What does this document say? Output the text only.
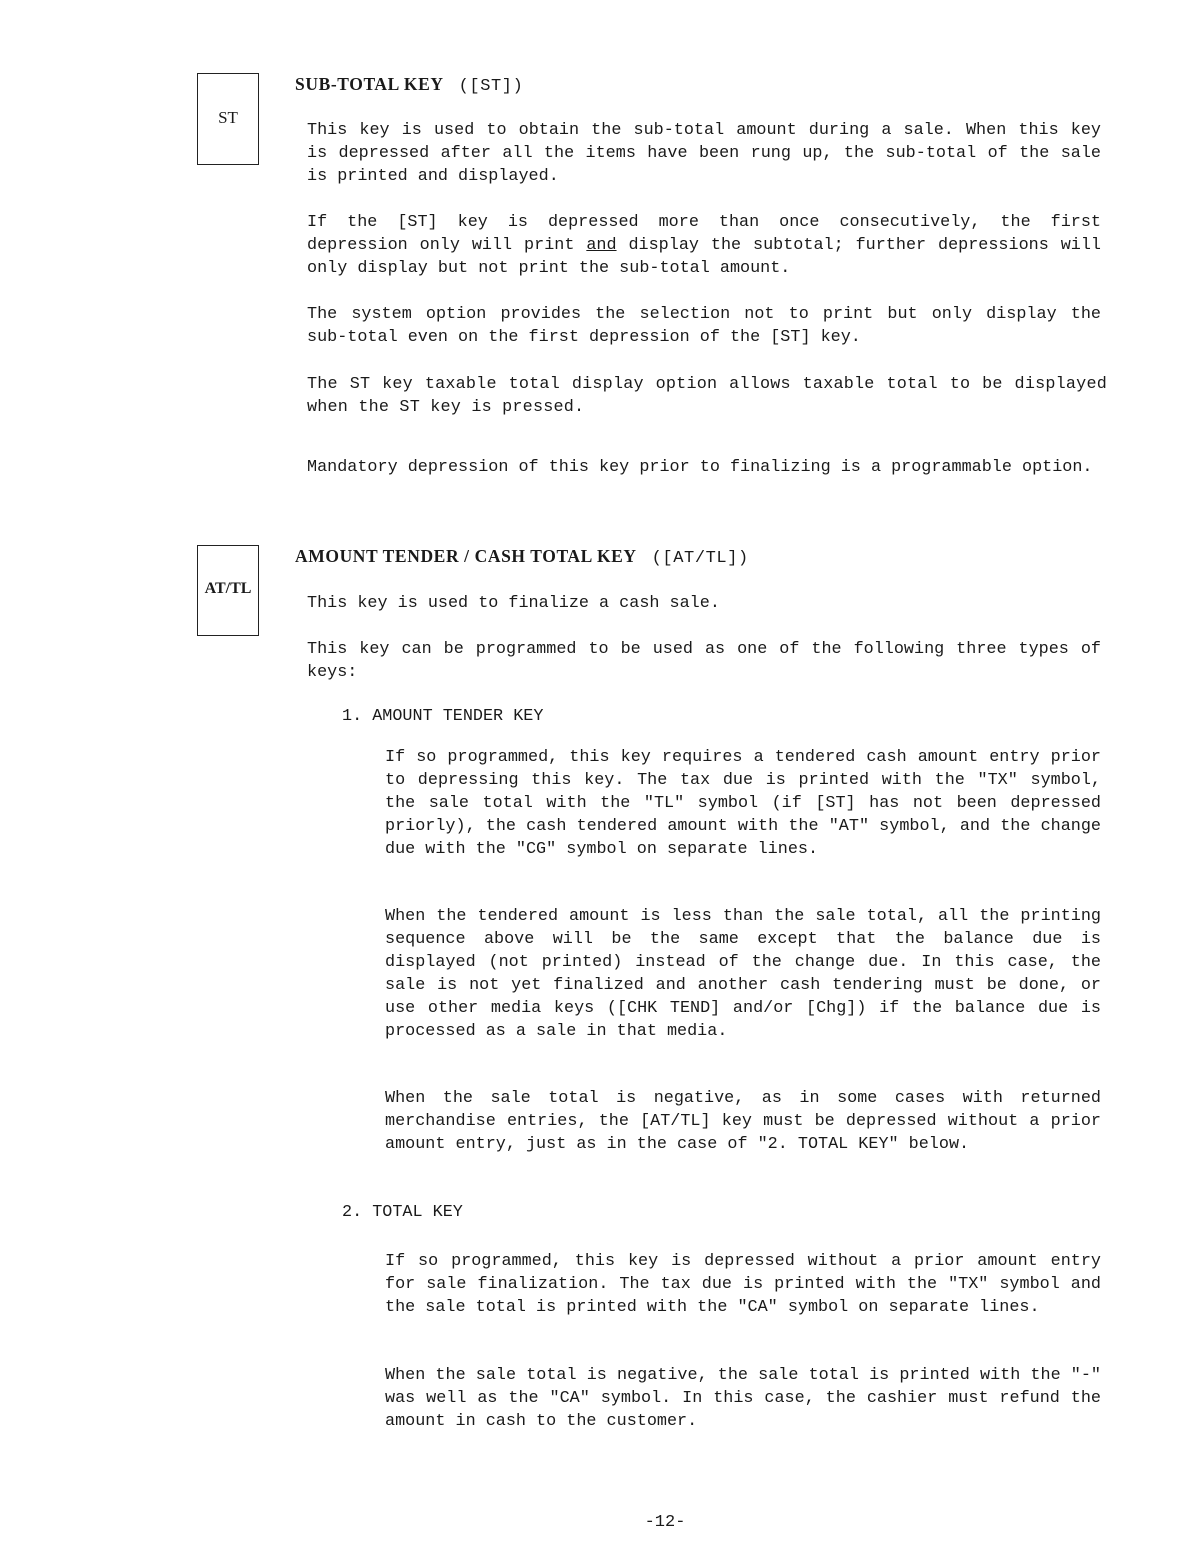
ST
SUB-TOTAL KEY ([ST])

This key is used to obtain the sub-total amount during a sale. When this key is depressed after all the items have been rung up, the sub-total of the sale is printed and displayed.

If the [ST] key is depressed more than once consecutively, the first depression only will print and display the subtotal; further depressions will only display but not print the sub-total amount.

The system option provides the selection not to print but only display the sub-total even on the first depression of the [ST] key.

The ST key taxable total display option allows taxable total to be displayed when the ST key is pressed.

Mandatory depression of this key prior to finalizing is a programmable option.

AT/TL
AMOUNT TENDER / CASH TOTAL KEY ([AT/TL])

This key is used to finalize a cash sale.

This key can be programmed to be used as one of the following three types of keys:

1. AMOUNT TENDER KEY

If so programmed, this key requires a tendered cash amount entry prior to depressing this key. The tax due is printed with the "TX" symbol, the sale total with the "TL" symbol (if [ST] has not been depressed priorly), the cash tendered amount with the "AT" symbol, and the change due with the "CG" symbol on separate lines.

When the tendered amount is less than the sale total, all the printing sequence above will be the same except that the balance due is displayed (not printed) instead of the change due. In this case, the sale is not yet finalized and another cash tendering must be done, or use other media keys ([CHK TEND] and/or [Chg]) if the balance due is processed as a sale in that media.

When the sale total is negative, as in some cases with returned merchandise entries, the [AT/TL] key must be depressed without a prior amount entry, just as in the case of "2. TOTAL KEY" below.

2. TOTAL KEY

If so programmed, this key is depressed without a prior amount entry for sale finalization. The tax due is printed with the "TX" symbol and the sale total is printed with the "CA" symbol on separate lines.

When the sale total is negative, the sale total is printed with the "-" was well as the "CA" symbol. In this case, the cashier must refund the amount in cash to the customer.

-12-
